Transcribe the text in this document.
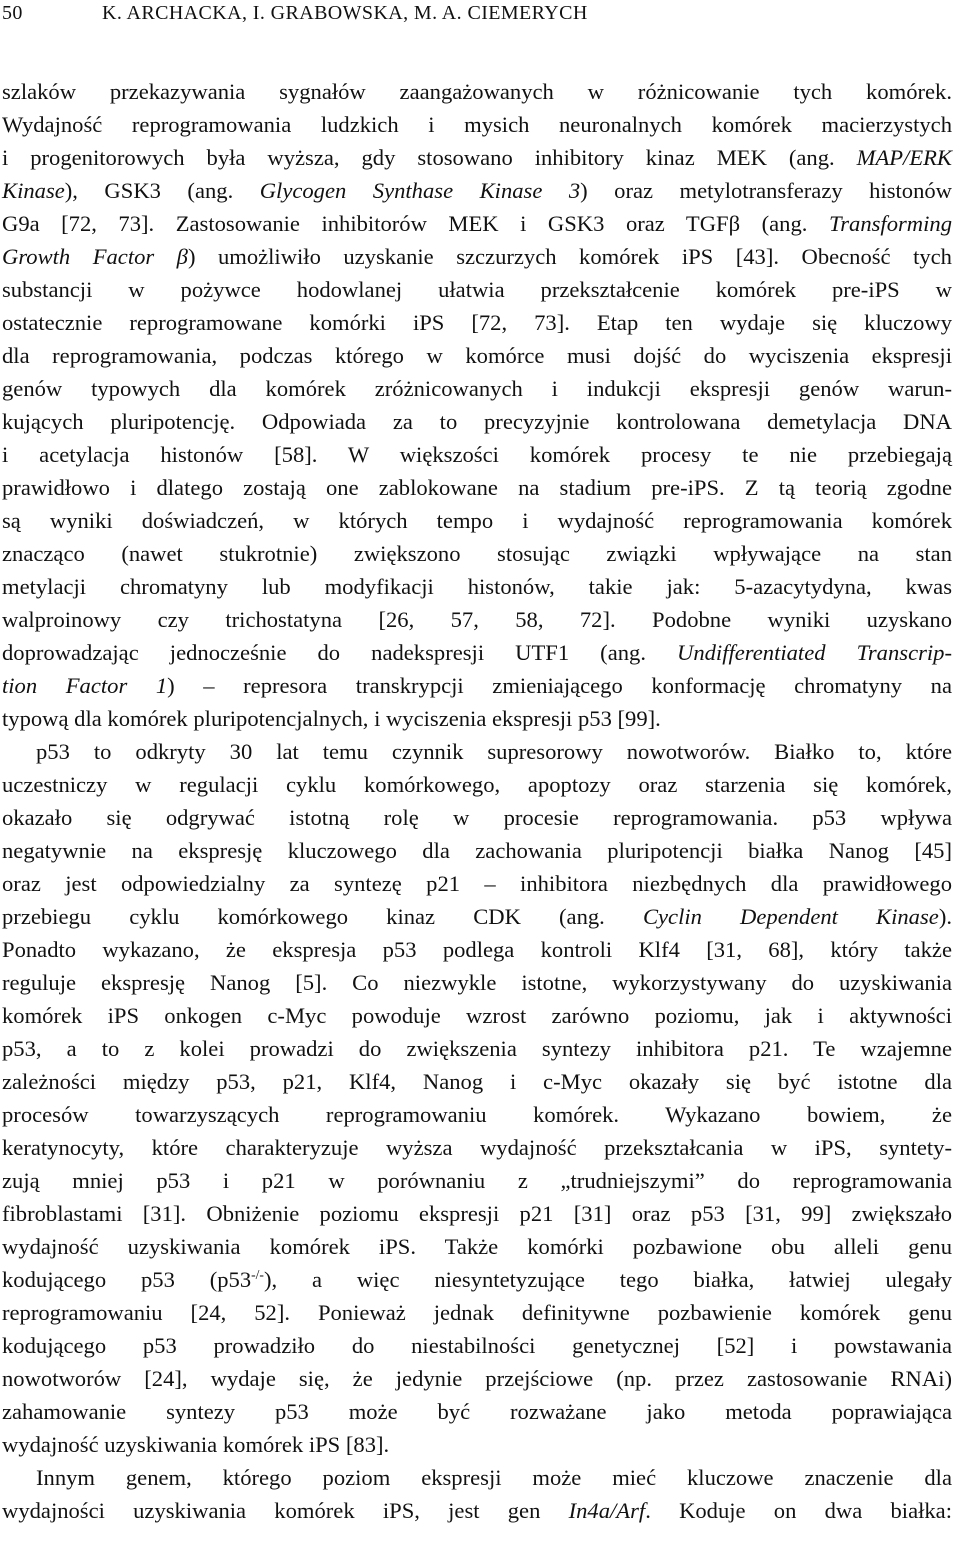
50	K. ARCHACKA, I. GRABOWSKA, M. A. CIEMERYCH
szlaków przekazywania sygnałów zaangażowanych w różnicowanie tych komórek.
Wydajność reprogramowania ludzkich i mysich neuronalnych komórek macierzystych
i progenitorowych była wyższa, gdy stosowano inhibitory kinaz MEK (ang. MAP/ERK
Kinase), GSK3 (ang. Glycogen Synthase Kinase 3) oraz metylotransferazy histonów
G9a [72, 73]. Zastosowanie inhibitorów MEK i GSK3 oraz TGFβ (ang. Transforming
Growth Factor β) umożliwiło uzyskanie szczurzych komórek iPS [43]. Obecność tych
substancji w pożywce hodowlanej ułatwia przekształcenie komórek pre-iPS w
ostatecznie reprogramowane komórki iPS [72, 73]. Etap ten wydaje się kluczowy
dla reprogramowania, podczas którego w komórce musi dojść do wyciszenia ekspresji
genów typowych dla komórek zróżnicowanych i indukcji ekspresji genów warun-
kujących pluripotencję. Odpowiada za to precyzyjnie kontrolowana demetylacja DNA
i acetylacja histonów [58]. W większości komórek procesy te nie przebiegają
prawidłowo i dlatego zostają one zablokowane na stadium pre-iPS. Z tą teorią zgodne
są wyniki doświadczeń, w których tempo i wydajność reprogramowania komórek
znacząco (nawet stukrotnie) zwiększono stosując związki wpływające na stan
metylacji chromatyny lub modyfikacji histonów, takie jak: 5-azacytydyna, kwas
walproinowy czy trichostatyna [26, 57, 58, 72]. Podobne wyniki uzyskano
doprowadzając jednocześnie do nadekspresji UTF1 (ang. Undifferentiated Transcrip-
tion Factor 1) – represora transkrypcji zmieniającego konformację chromatyny na
typową dla komórek pluripotencjalnych, i wyciszenia ekspresji p53 [99].
p53 to odkryty 30 lat temu czynnik supresorowy nowotworów. Białko to, które
uczestniczy w regulacji cyklu komórkowego, apoptozy oraz starzenia się komórek,
okazało się odgrywać istotną rolę w procesie reprogramowania. p53 wpływa
negatywnie na ekspresję kluczowego dla zachowania pluripotencji białka Nanog [45]
oraz jest odpowiedzialny za syntezę p21 – inhibitora niezbędnych dla prawidłowego
przebiegu cyklu komórkowego kinaz CDK (ang. Cyclin Dependent Kinase).
Ponadto wykazano, że ekspresja p53 podlega kontroli Klf4 [31, 68], który także
reguluje ekspresję Nanog [5]. Co niezwykle istotne, wykorzystywany do uzyskiwania
komórek iPS onkogen c-Myc powoduje wzrost zarówno poziomu, jak i aktywności
p53, a to z kolei prowadzi do zwiększenia syntezy inhibitora p21. Te wzajemne
zależności między p53, p21, Klf4, Nanog i c-Myc okazały się być istotne dla
procesów towarzyszących reprogramowaniu komórek. Wykazano bowiem, że
keratynocyty, które charakteryzuje wyższa wydajność przekształcania w iPS, syntety-
zują mniej p53 i p21 w porównaniu z „trudniejszymi” do reprogramowania
fibroblastami [31]. Obniżenie poziomu ekspresji p21 [31] oraz p53 [31, 99] zwiększało
wydajność uzyskiwania komórek iPS. Także komórki pozbawione obu alleli genu
kodującego p53 (p53-/-), a więc niesyntetyzujące tego białka, łatwiej ulegały
reprogramowaniu [24, 52]. Ponieważ jednak definitywne pozbawienie komórek genu
kodującego p53 prowadziło do niestabilności genetycznej [52] i powstawania
nowotworów [24], wydaje się, że jedynie przejściowe (np. przez zastosowanie RNAi)
zahamowanie syntezy p53 może być rozważane jako metoda poprawiająca
wydajność uzyskiwania komórek iPS [83].
Innym genem, którego poziom ekspresji może mieć kluczowe znaczenie dla
wydajności uzyskiwania komórek iPS, jest gen In4a/Arf. Koduje on dwa białka:
